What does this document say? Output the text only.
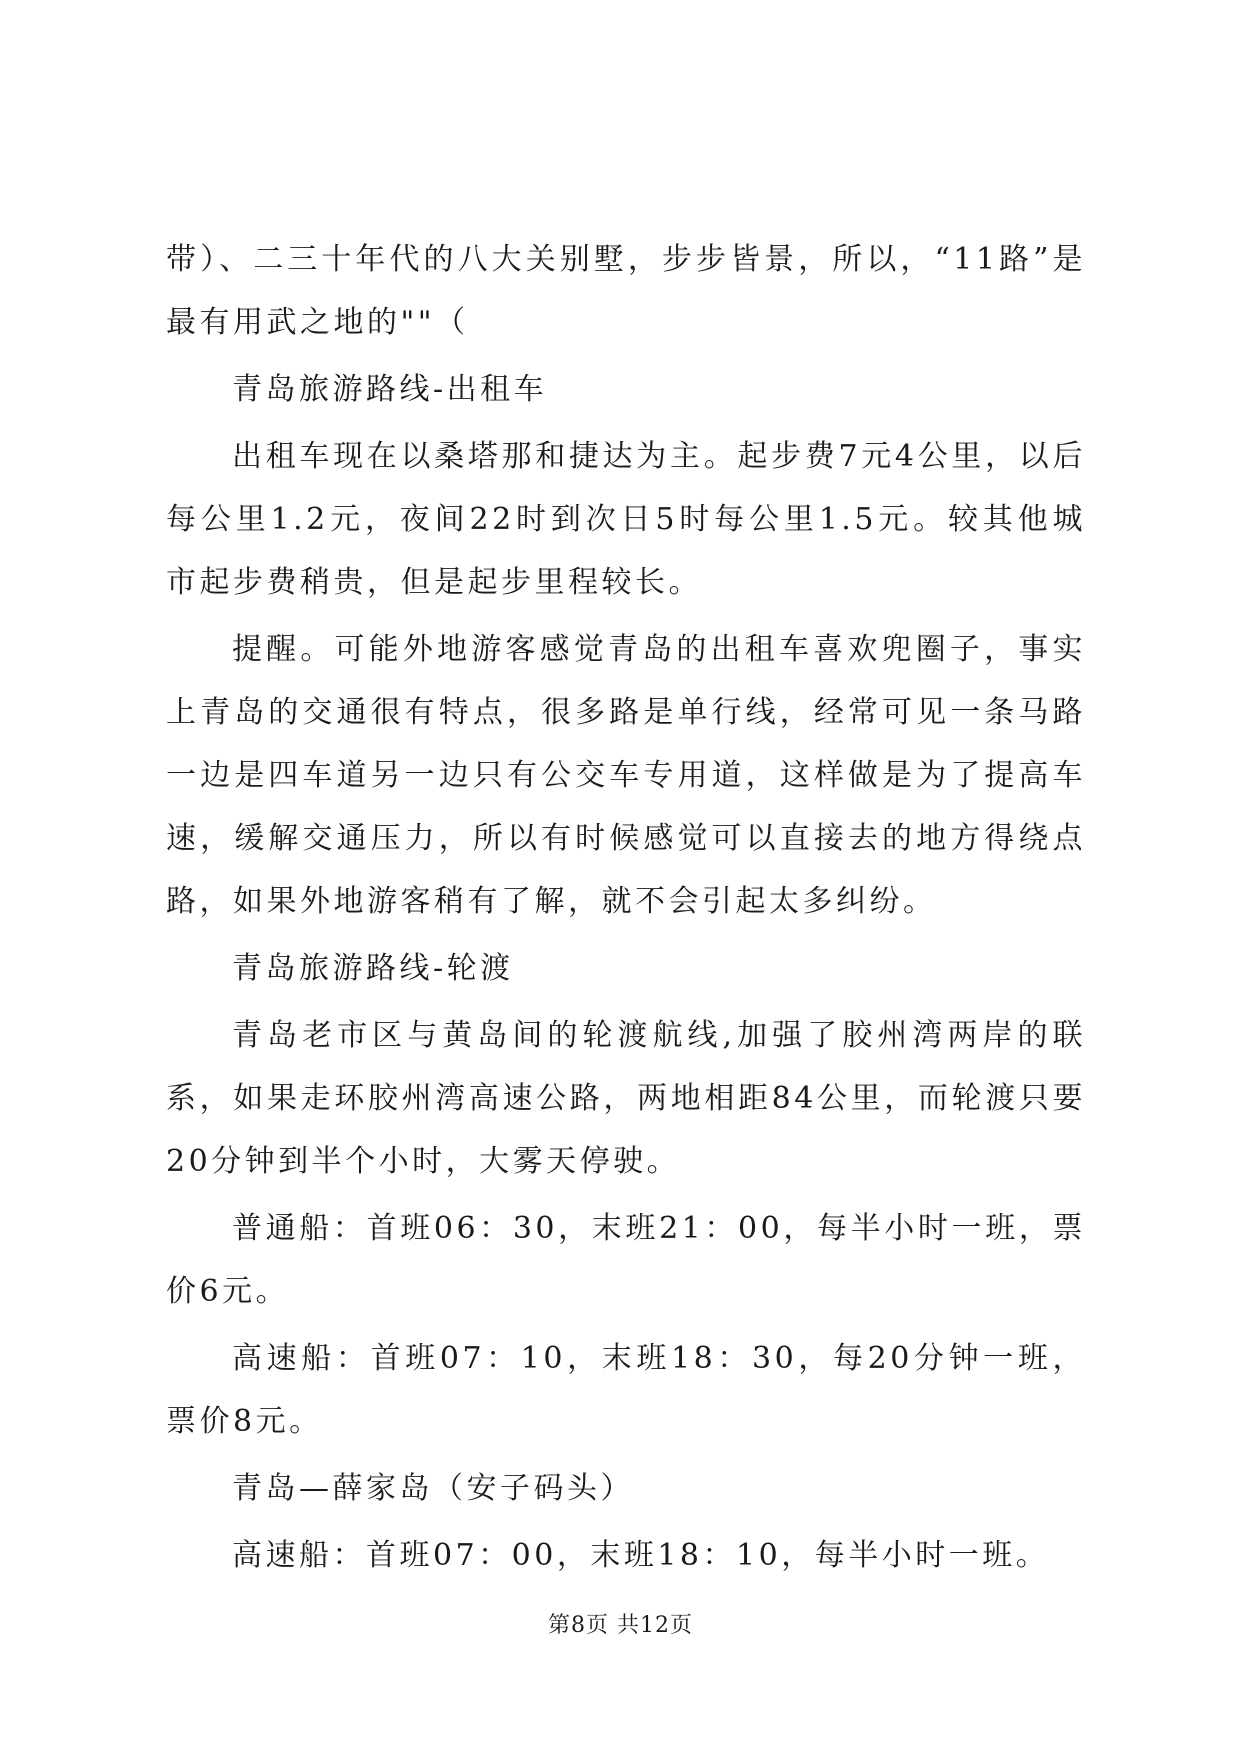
带）、二三十年代的八大关别墅，步步皆景，所以，“11路”是最有用武之地的""（

青岛旅游路线-出租车

出租车现在以桑塔那和捷达为主。起步费7元4公里，以后每公里1.2元，夜间22时到次日5时每公里1.5元。较其他城市起步费稍贵，但是起步里程较长。

提醒。可能外地游客感觉青岛的出租车喜欢兜圈子，事实上青岛的交通很有特点，很多路是单行线，经常可见一条马路一边是四车道另一边只有公交车专用道，这样做是为了提高车速，缓解交通压力，所以有时候感觉可以直接去的地方得绕点路，如果外地游客稍有了解，就不会引起太多纠纷。

青岛旅游路线-轮渡

青岛老市区与黄岛间的轮渡航线,加强了胶州湾两岸的联系，如果走环胶州湾高速公路，两地相距84公里，而轮渡只要20分钟到半个小时，大雾天停驶。

普通船：首班06：30，末班21：00，每半小时一班，票价6元。

高速船：首班07：10，末班18：30，每20分钟一班，票价8元。

青岛—薛家岛（安子码头）

高速船：首班07：00，末班18：10，每半小时一班。

第8页 共12页
